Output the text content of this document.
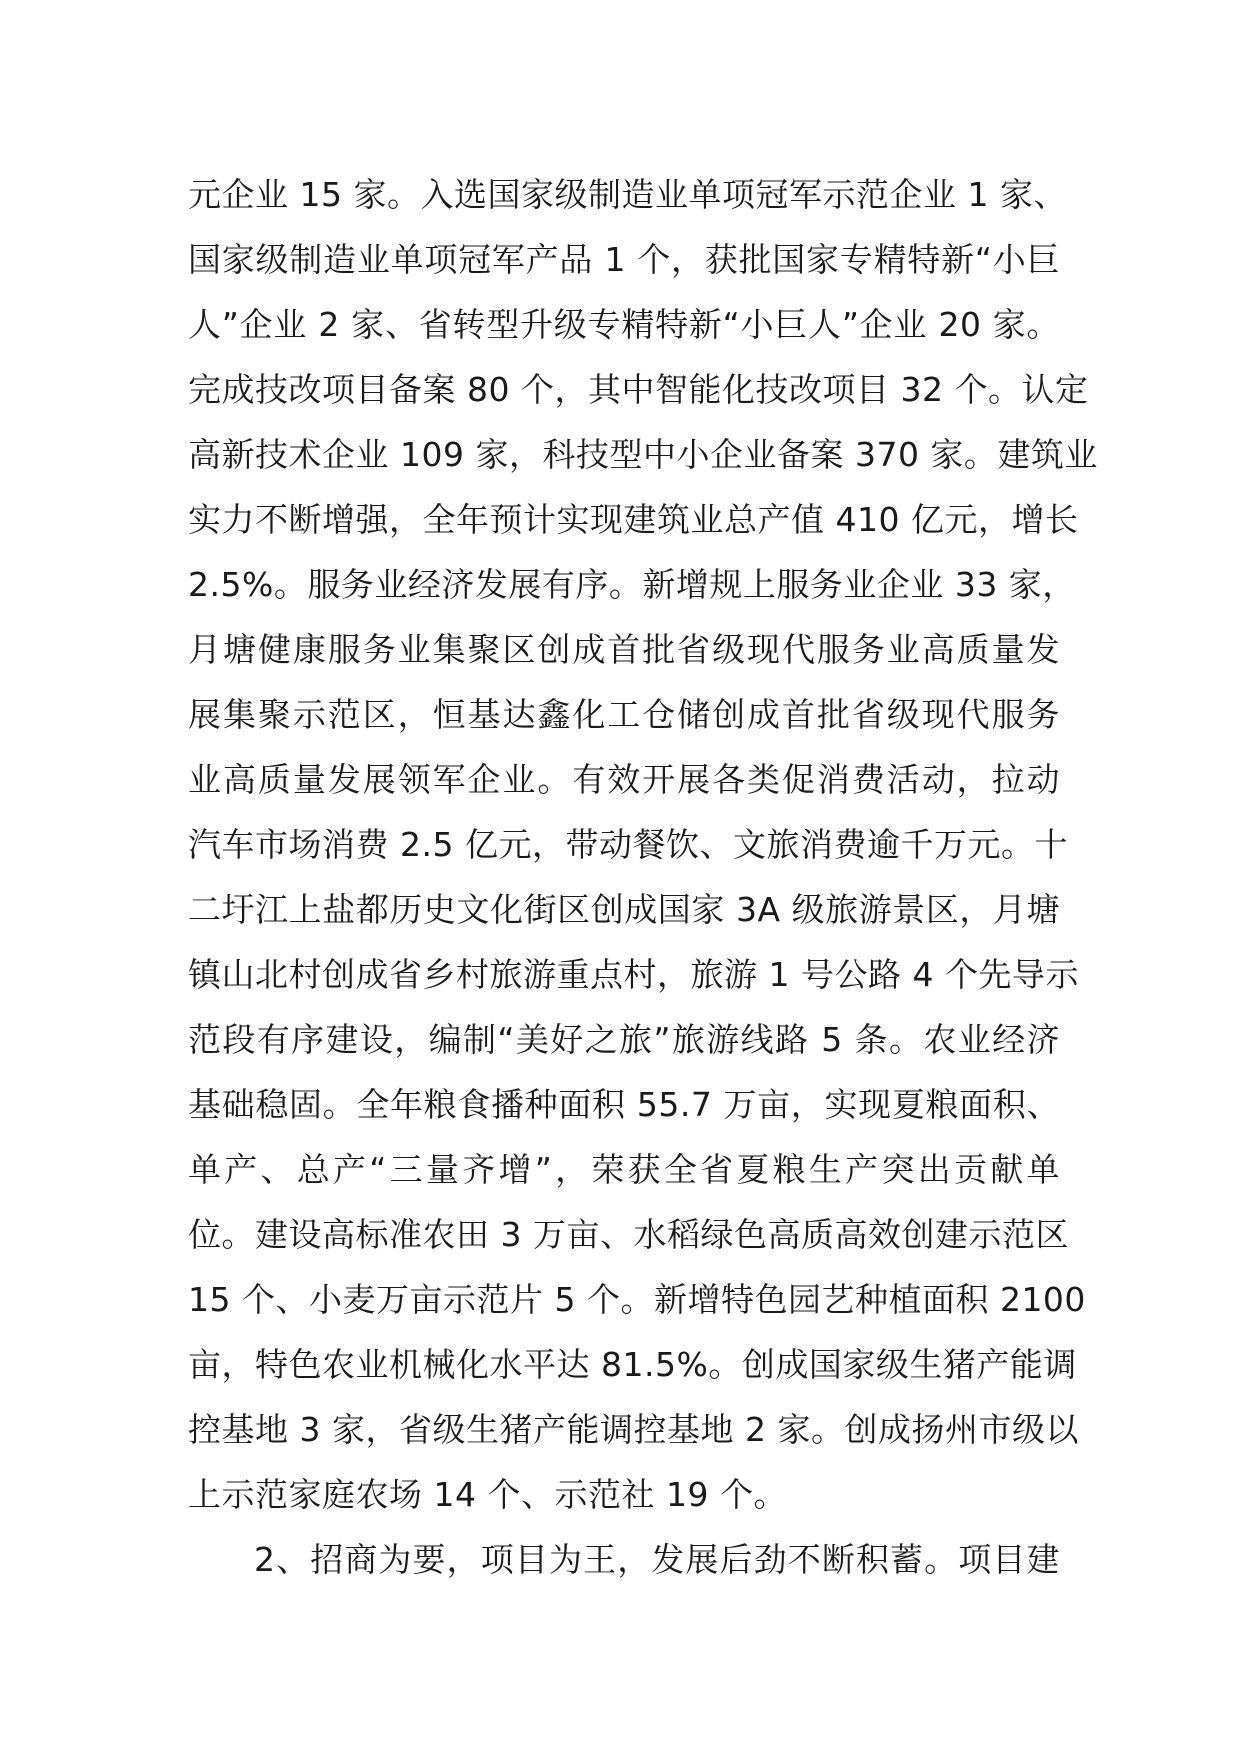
元企业 15 家。入选国家级制造业单项冠军示范企业 1 家、
国家级制造业单项冠军产品 1 个，获批国家专精特新“小巨
人”企业 2 家、省转型升级专精特新“小巨人”企业 20 家。
完成技改项目备案 80 个，其中智能化技改项目 32 个。认定
高新技术企业 109 家，科技型中小企业备案 370 家。建筑业
实力不断增强，全年预计实现建筑业总产值 410 亿元，增长
2.5%。服务业经济发展有序。新增规上服务业企业 33 家，
月塘健康服务业集聚区创成首批省级现代服务业高质量发
展集聚示范区，恒基达鑫化工仓储创成首批省级现代服务
业高质量发展领军企业。有效开展各类促消费活动，拉动
汽车市场消费 2.5 亿元，带动餐饮、文旅消费逾千万元。十
二圩江上盐都历史文化街区创成国家 3A 级旅游景区，月塘
镇山北村创成省乡村旅游重点村，旅游 1 号公路 4 个先导示
范段有序建设，编制“美好之旅”旅游线路 5 条。农业经济
基础稳固。全年粮食播种面积 55.7 万亩，实现夏粮面积、
单产、总产“三量齐增”，荣获全省夏粮生产突出贡献单
位。建设高标准农田 3 万亩、水稻绿色高质高效创建示范区
15 个、小麦万亩示范片 5 个。新增特色园艺种植面积 2100
亩，特色农业机械化水平达 81.5%。创成国家级生猪产能调
控基地 3 家，省级生猪产能调控基地 2 家。创成扬州市级以
上示范家庭农场 14 个、示范社 19 个。
2、招商为要，项目为王，发展后劲不断积蓄。项目建
